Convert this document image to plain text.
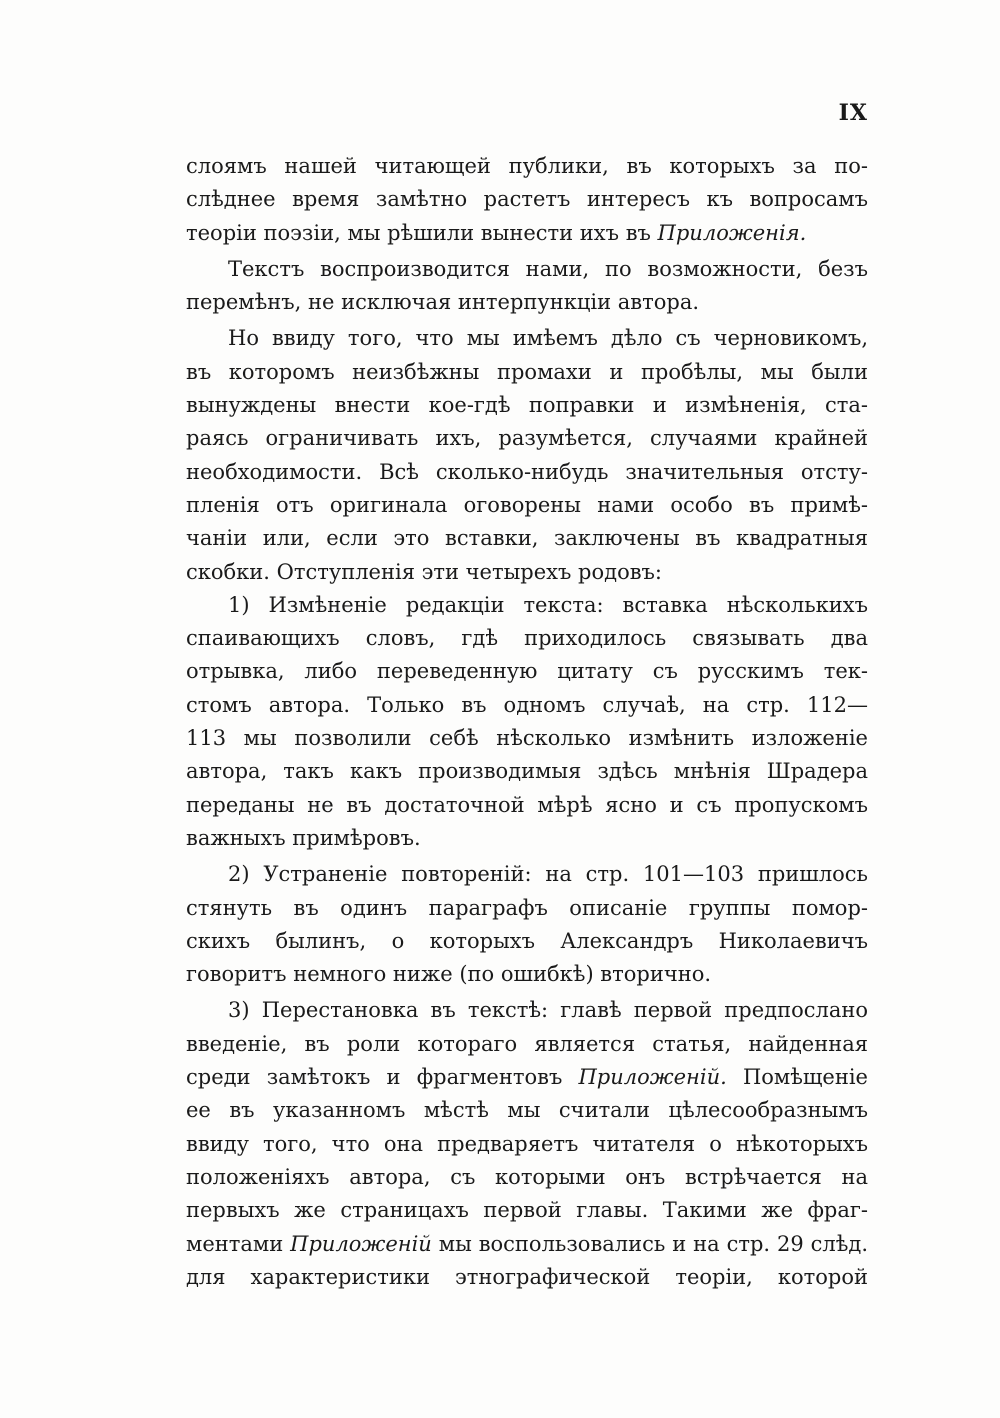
IX
слоямъ нашей читающей публики, въ которыхъ за по-
слѣднее время замѣтно растетъ интересъ къ вопросамъ
теоріи поэзіи, мы рѣшили вынести ихъ въ Приложенія.
Текстъ воспроизводится нами, по возможности, безъ
перемѣнъ, не исключая интерпункціи автора.
Но ввиду того, что мы имѣемъ дѣло съ черновикомъ,
въ которомъ неизбѣжны промахи и пробѣлы, мы были
вынуждены внести кое-гдѣ поправки и измѣненія, ста-
раясь ограничивать ихъ, разумѣется, случаями крайней
необходимости. Всѣ сколько-нибудь значительныя отсту-
пленія отъ оригинала оговорены нами особо въ примѣ-
чаніи или, если это вставки, заключены въ квадратныя
скобки. Отступленія эти четырехъ родовъ:
1) Измѣненіе редакціи текста: вставка нѣсколькихъ
спаивающихъ словъ, гдѣ приходилось связывать два
отрывка, либо переведенную цитату съ русскимъ тек-
стомъ автора. Только въ одномъ случаѣ, на стр. 112—
113 мы позволили себѣ нѣсколько измѣнить изложеніе
автора, такъ какъ производимыя здѣсь мнѣнія Шрадера
переданы не въ достаточной мѣрѣ ясно и съ пропускомъ
важныхъ примѣровъ.
2) Устраненіе повтореній: на стр. 101—103 пришлось
стянуть въ одинъ параграфъ описаніе группы помор-
скихъ былинъ, о которыхъ Александръ Николаевичъ
говоритъ немного ниже (по ошибкѣ) вторично.
3) Перестановка въ текстѣ: главѣ первой предпослано
введеніе, въ роли котораго является статья, найденная
среди замѣтокъ и фрагментовъ Приложеній. Помѣщеніе
ее въ указанномъ мѣстѣ мы считали цѣлесообразнымъ
ввиду того, что она предваряетъ читателя о нѣкоторыхъ
положеніяхъ автора, съ которыми онъ встрѣчается на
первыхъ же страницахъ первой главы. Такими же фраг-
ментами Приложеній мы воспользовались и на стр. 29 слѣд.
для характеристики этнографической теоріи, которой
